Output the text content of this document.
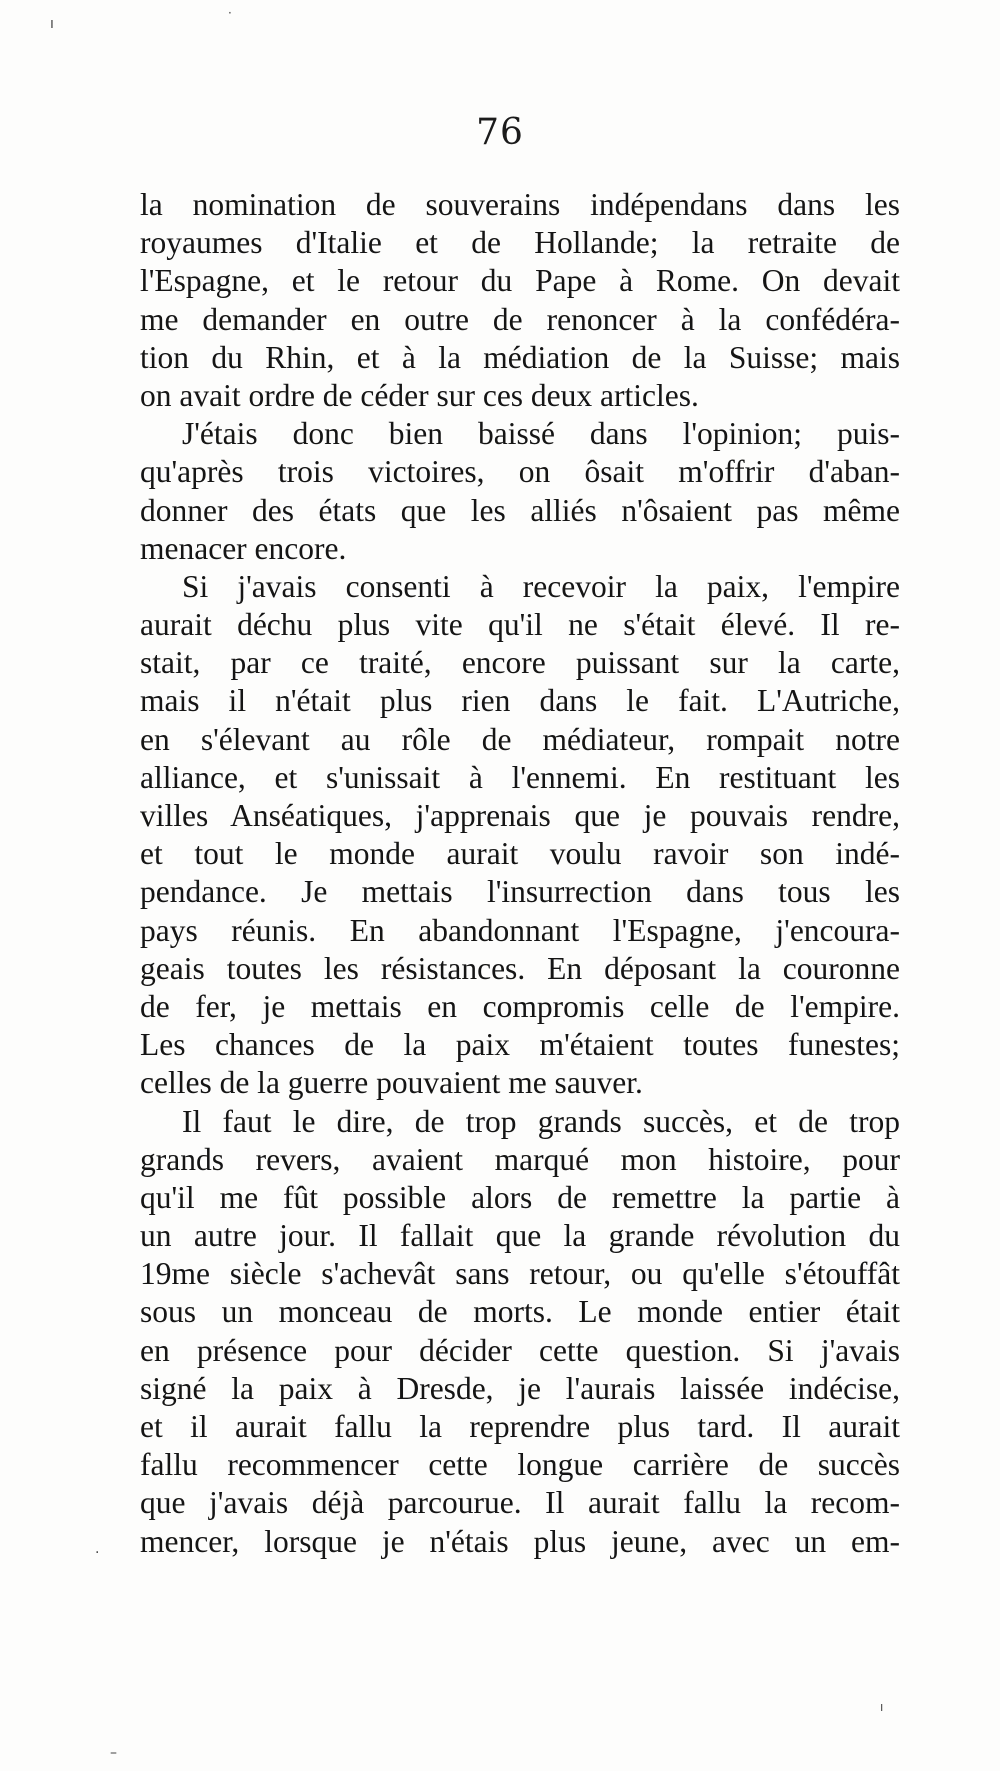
76
la nomination de souverains indépendans dans les
royaumes d'Italie et de Hollande; la retraite de
l'Espagne, et le retour du Pape à Rome. On devait
me demander en outre de renoncer à la confédéra-
tion du Rhin, et à la médiation de la Suisse; mais
on avait ordre de céder sur ces deux articles.
J'étais donc bien baissé dans l'opinion; puis-
qu'après trois victoires, on ôsait m'offrir d'aban-
donner des états que les alliés n'ôsaient pas même
menacer encore.
Si j'avais consenti à recevoir la paix, l'empire
aurait déchu plus vite qu'il ne s'était élevé. Il re-
stait, par ce traité, encore puissant sur la carte,
mais il n'était plus rien dans le fait. L'Autriche,
en s'élevant au rôle de médiateur, rompait notre
alliance, et s'unissait à l'ennemi. En restituant les
villes Anséatiques, j'apprenais que je pouvais rendre,
et tout le monde aurait voulu ravoir son indé-
pendance. Je mettais l'insurrection dans tous les
pays réunis. En abandonnant l'Espagne, j'encoura-
geais toutes les résistances. En déposant la couronne
de fer, je mettais en compromis celle de l'empire.
Les chances de la paix m'étaient toutes funestes;
celles de la guerre pouvaient me sauver.
Il faut le dire, de trop grands succès, et de trop
grands revers, avaient marqué mon histoire, pour
qu'il me fût possible alors de remettre la partie à
un autre jour. Il fallait que la grande révolution du
19me siècle s'achevât sans retour, ou qu'elle s'étouffât
sous un monceau de morts. Le monde entier était
en présence pour décider cette question. Si j'avais
signé la paix à Dresde, je l'aurais laissée indécise,
et il aurait fallu la reprendre plus tard. Il aurait
fallu recommencer cette longue carrière de succès
que j'avais déjà parcourue. Il aurait fallu la recom-
mencer, lorsque je n'étais plus jeune, avec un em-
ı
·
·
–
ı
